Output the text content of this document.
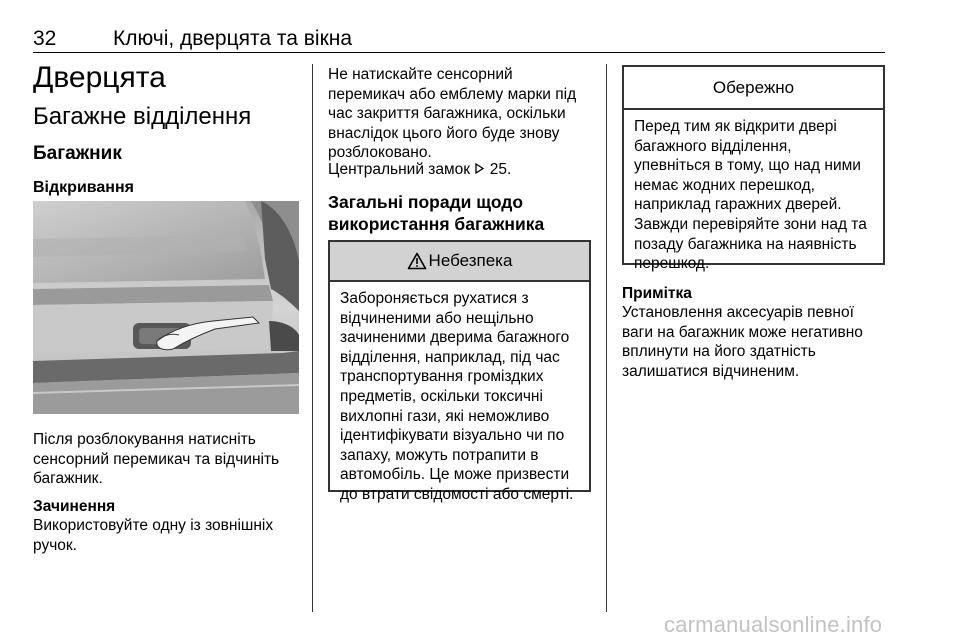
32	Ключі, дверцята та вікна
Дверцята
Багажне відділення
Багажник
Відкривання
Після розблокування натисніть
сенсорний перемикач та відчиніть
багажник.
Зачинення
Використовуйте одну із зовнішніх
ручок.
Не натискайте сенсорний
перемикач або емблему марки під
час закриття багажника, оскільки
внаслідок цього його буде знову
розблоковано.
Центральний замок 25.
Загальні поради щодо
використання багажника
Небезпека
Забороняється рухатися з
відчиненими або нещільно
зачиненими дверима багажного
відділення, наприклад, під час
транспортування громіздких
предметів, оскільки токсичні
вихлопні гази, які неможливо
ідентифікувати візуально чи по
запаху, можуть потрапити в
автомобіль. Це може призвести
до втрати свідомості або смерті.
Обережно
Перед тим як відкрити двері
багажного відділення,
упевніться в тому, що над ними
немає жодних перешкод,
наприклад гаражних дверей.
Завжди перевіряйте зони над та
позаду багажника на наявність
перешкод.
Примітка
Установлення аксесуарів певної
ваги на багажник може негативно
вплинути на його здатність
залишатися відчиненим.
carmanualsonline.info
